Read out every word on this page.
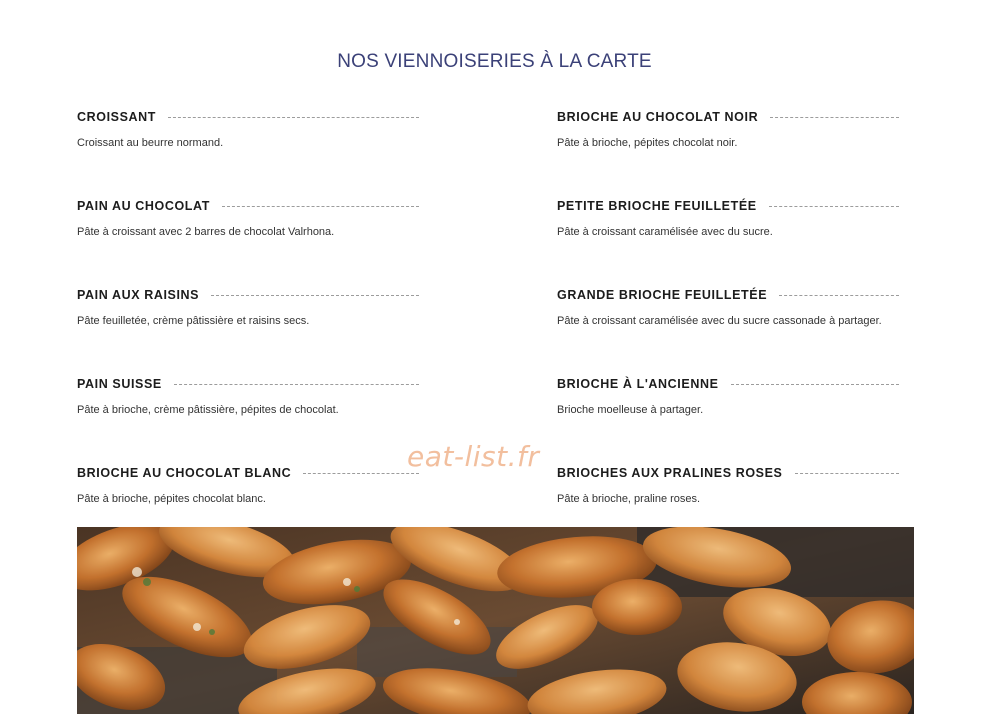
NOS VIENNOISERIES À LA CARTE
CROISSANT
Croissant au beurre normand.
PAIN AU CHOCOLAT
Pâte à croissant avec 2 barres de chocolat Valrhona.
PAIN AUX RAISINS
Pâte feuilletée, crème pâtissière et raisins secs.
PAIN SUISSE
Pâte à brioche, crème pâtissière, pépites de chocolat.
BRIOCHE AU CHOCOLAT BLANC
Pâte à brioche, pépites chocolat blanc.
BRIOCHE AU CHOCOLAT NOIR
Pâte à brioche, pépites chocolat noir.
PETITE BRIOCHE FEUILLETÉE
Pâte à croissant caramélisée avec du sucre.
GRANDE BRIOCHE FEUILLETÉE
Pâte à croissant caramélisée avec du sucre cassonade à partager.
BRIOCHE À L'ANCIENNE
Brioche moelleuse à partager.
BRIOCHES AUX PRALINES ROSES
Pâte à brioche, praline roses.
eat-list.fr
